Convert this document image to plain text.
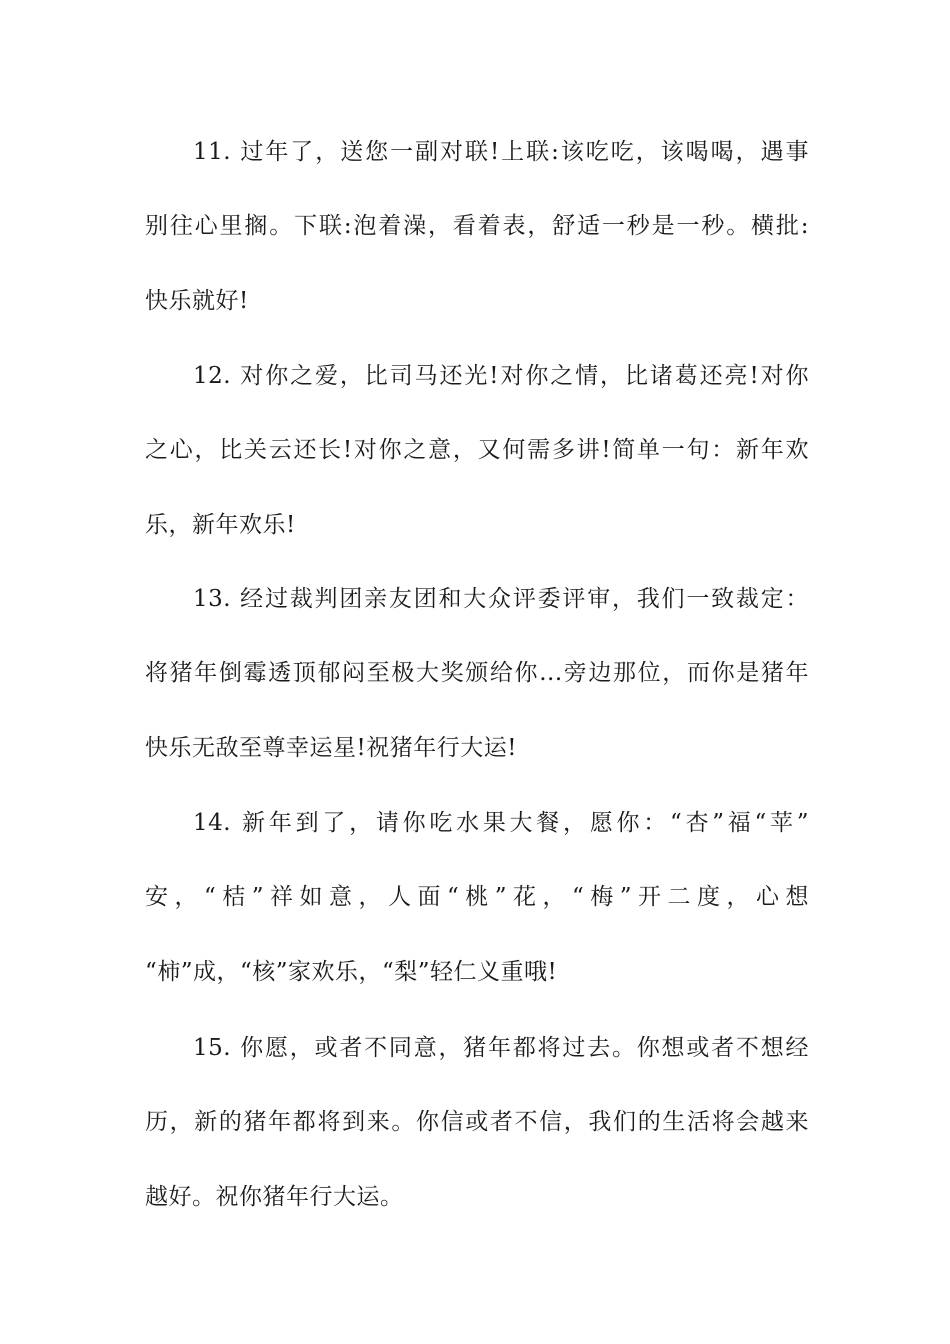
11. 过年了，送您一副对联!上联:该吃吃，该喝喝，遇事
别往心里搁。下联:泡着澡，看着表，舒适一秒是一秒。横批:
快乐就好!
12. 对你之爱，比司马还光!对你之情，比诸葛还亮!对你
之心，比关云还长!对你之意，又何需多讲!简单一句：新年欢
乐，新年欢乐!
13. 经过裁判团亲友团和大众评委评审，我们一致裁定：
将猪年倒霉透顶郁闷至极大奖颁给你...旁边那位，而你是猪年
快乐无敌至尊幸运星!祝猪年行大运!
14. 新年到了，请你吃水果大餐，愿你：“杏”福“苹”
安，“桔”祥如意，人面“桃”花，“梅”开二度，心想
“柿”成，“核”家欢乐，“梨”轻仁义重哦!
15. 你愿，或者不同意，猪年都将过去。你想或者不想经
历，新的猪年都将到来。你信或者不信，我们的生活将会越来
越好。祝你猪年行大运。
